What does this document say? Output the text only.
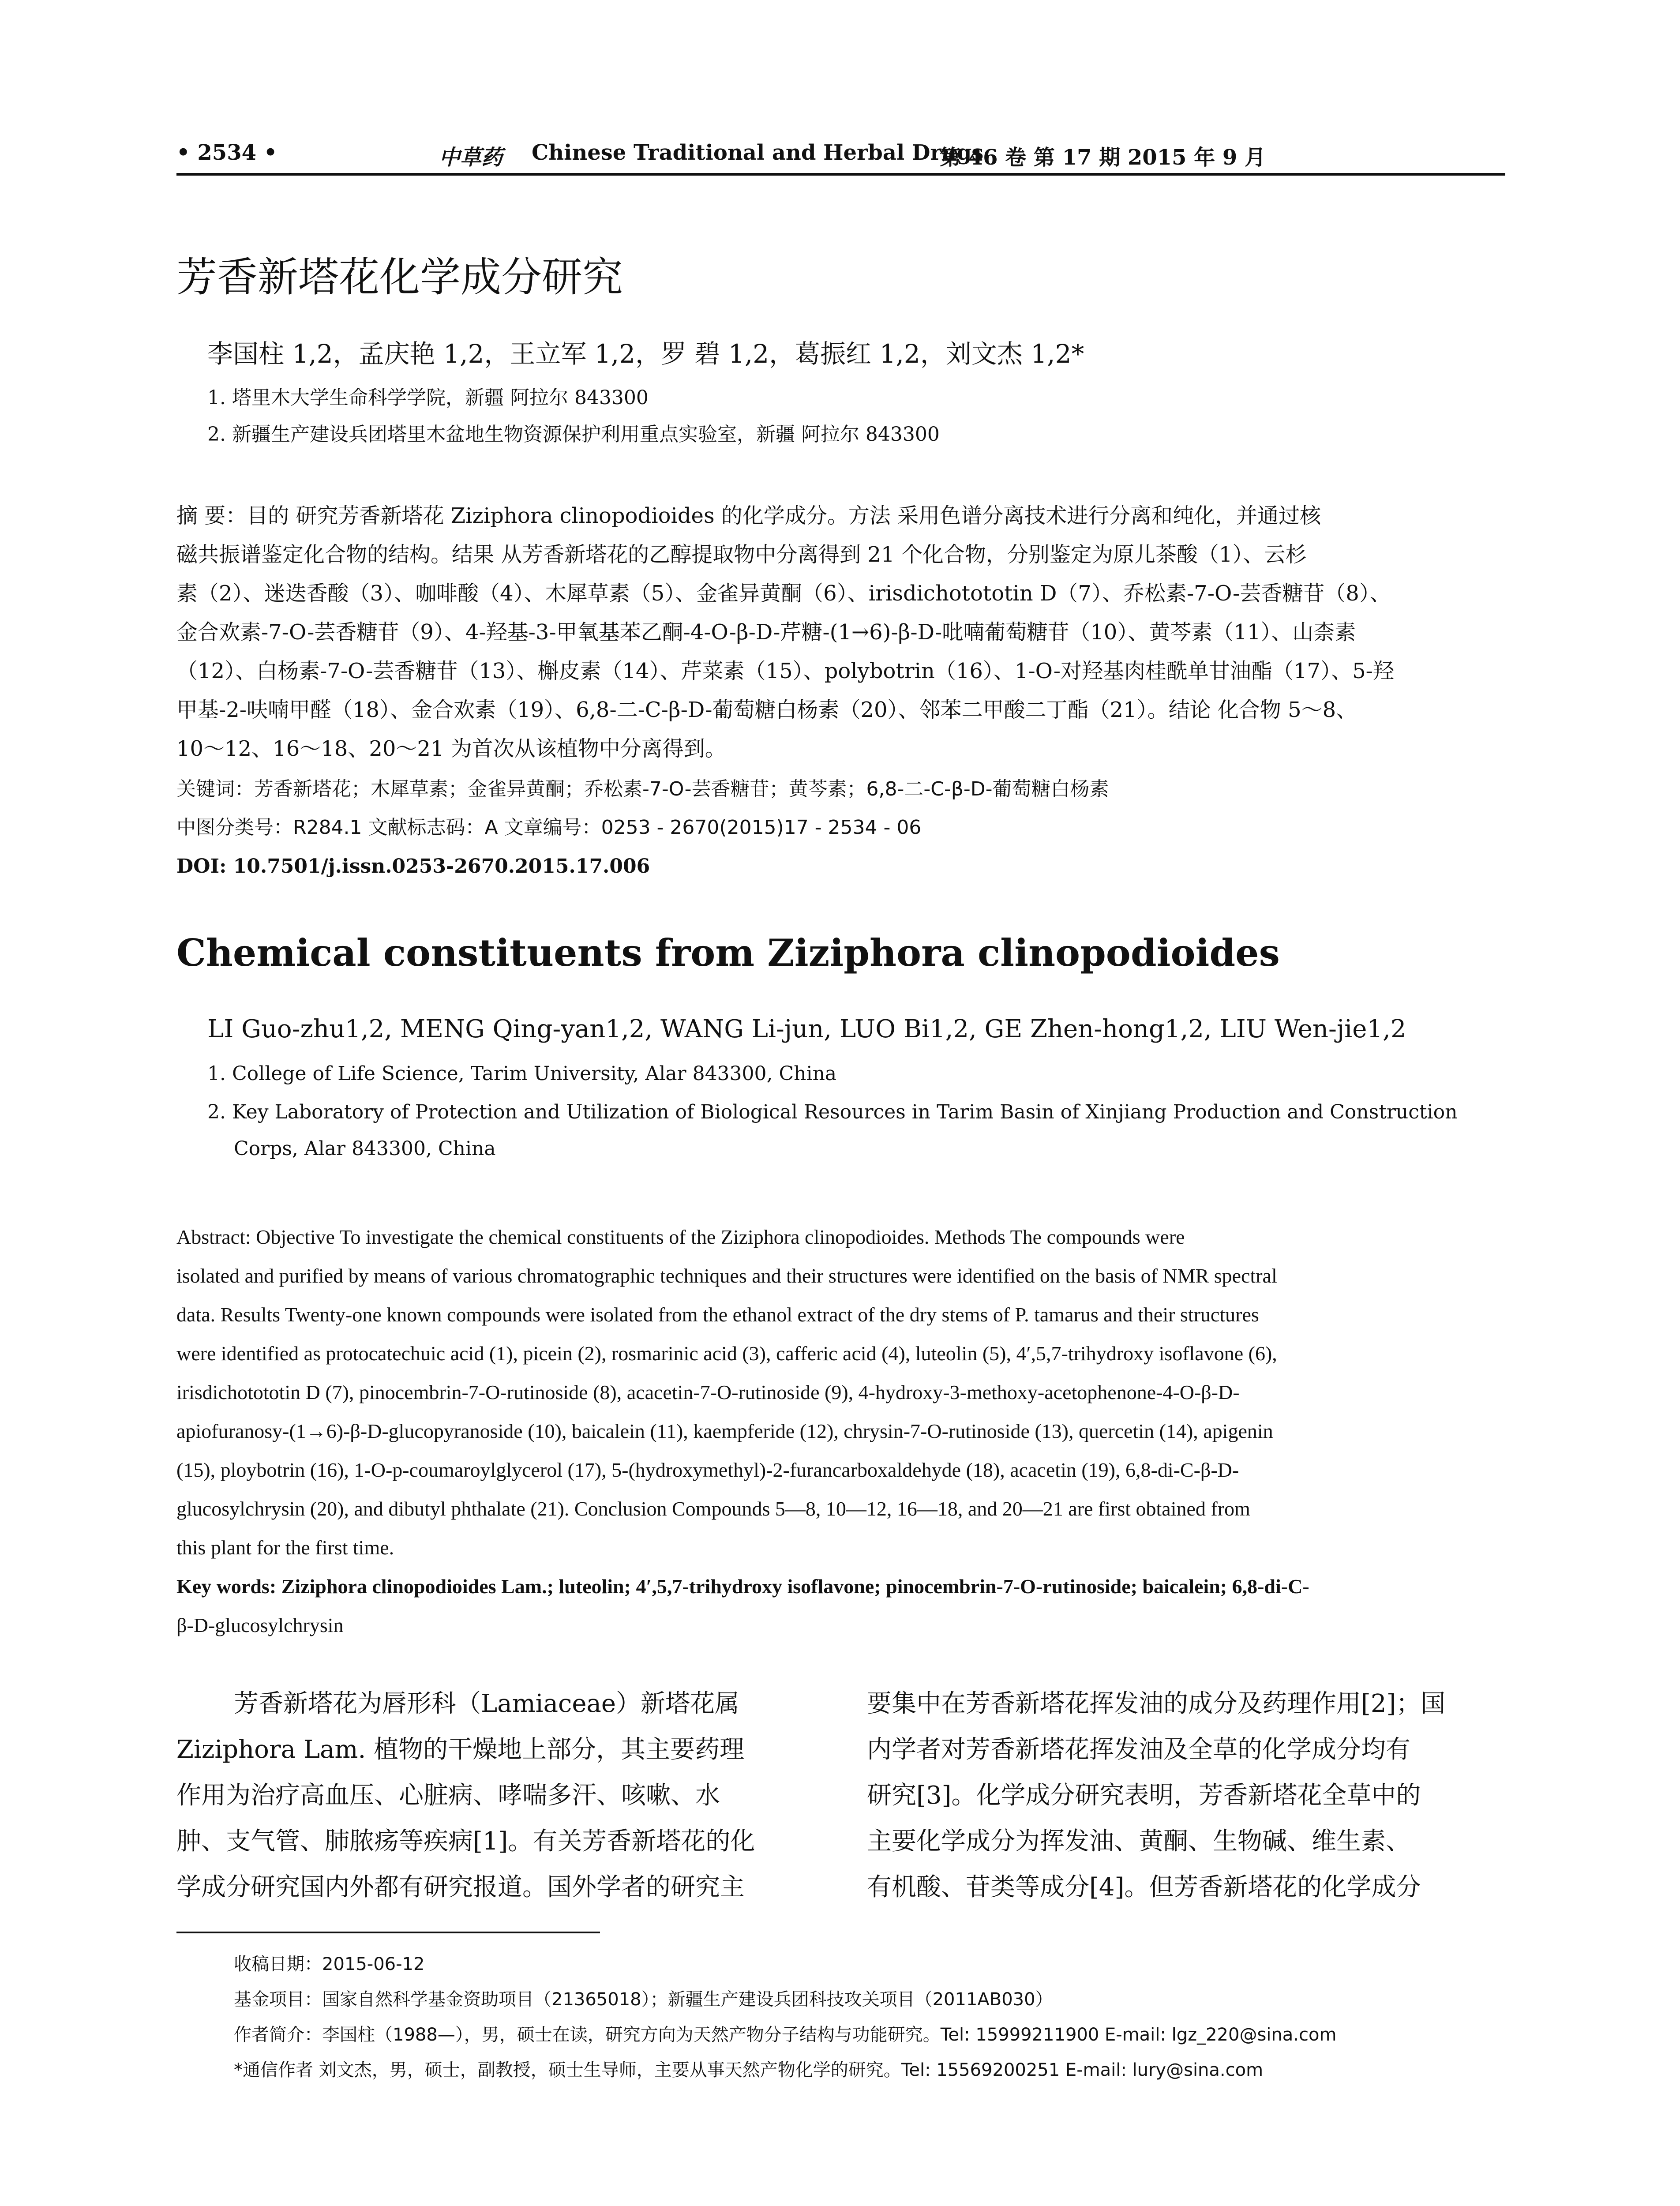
• 2534 •	中草药 Chinese Traditional and Herbal Drugs
第 46 卷 第 17 期 2015 年 9 月
芳香新塔花化学成分研究
李国柱 1,2，孟庆艳 1,2，王立军 1,2，罗 碧 1,2，葛振红 1,2，刘文杰 1,2*
1. 塔里木大学生命科学学院，新疆 阿拉尔 843300
2. 新疆生产建设兵团塔里木盆地生物资源保护利用重点实验室，新疆 阿拉尔 843300
摘 要：目的 研究芳香新塔花 Ziziphora clinopodioides 的化学成分。方法 采用色谱分离技术进行分离和纯化，并通过核
磁共振谱鉴定化合物的结构。结果 从芳香新塔花的乙醇提取物中分离得到 21 个化合物，分别鉴定为原儿茶酸（1）、云杉
素（2）、迷迭香酸（3）、咖啡酸（4）、木犀草素（5）、金雀异黄酮（6）、irisdichotototin D（7）、乔松素-7-O-芸香糖苷（8）、
金合欢素-7-O-芸香糖苷（9）、4-羟基-3-甲氧基苯乙酮-4-O-β-D-芹糖-(1→6)-β-D-吡喃葡萄糖苷（10）、黄芩素（11）、山柰素
（12）、白杨素-7-O-芸香糖苷（13）、槲皮素（14）、芹菜素（15）、polybotrin（16）、1-O-对羟基肉桂酰单甘油酯（17）、5-羟
甲基-2-呋喃甲醛（18）、金合欢素（19）、6,8-二-C-β-D-葡萄糖白杨素（20）、邻苯二甲酸二丁酯（21）。结论 化合物 5～8、
10～12、16～18、20～21 为首次从该植物中分离得到。
关键词：芳香新塔花；木犀草素；金雀异黄酮；乔松素-7-O-芸香糖苷；黄芩素；6,8-二-C-β-D-葡萄糖白杨素
中图分类号：R284.1 文献标志码：A 文章编号：0253 - 2670(2015)17 - 2534 - 06
DOI: 10.7501/j.issn.0253-2670.2015.17.006
Chemical constituents from Ziziphora clinopodioides
LI Guo-zhu1,2, MENG Qing-yan1,2, WANG Li-jun, LUO Bi1,2, GE Zhen-hong1,2, LIU Wen-jie1,2
1. College of Life Science, Tarim University, Alar 843300, China
2. Key Laboratory of Protection and Utilization of Biological Resources in Tarim Basin of Xinjiang Production and Construction
Corps, Alar 843300, China
Abstract: Objective To investigate the chemical constituents of the Ziziphora clinopodioides. Methods The compounds were
isolated and purified by means of various chromatographic techniques and their structures were identified on the basis of NMR spectral
data. Results Twenty-one known compounds were isolated from the ethanol extract of the dry stems of P. tamarus and their structures
were identified as protocatechuic acid (1), picein (2), rosmarinic acid (3), cafferic acid (4), luteolin (5), 4′,5,7-trihydroxy isoflavone (6),
irisdichotototin D (7), pinocembrin-7-O-rutinoside (8), acacetin-7-O-rutinoside (9), 4-hydroxy-3-methoxy-acetophenone-4-O-β-D-
apiofuranosy-(1→6)-β-D-glucopyranoside (10), baicalein (11), kaempferide (12), chrysin-7-O-rutinoside (13), quercetin (14), apigenin
(15), ploybotrin (16), 1-O-p-coumaroylglycerol (17), 5-(hydroxymethyl)-2-furancarboxaldehyde (18), acacetin (19), 6,8-di-C-β-D-
glucosylchrysin (20), and dibutyl phthalate (21). Conclusion Compounds 5—8, 10—12, 16—18, and 20—21 are first obtained from
this plant for the first time.
Key words: Ziziphora clinopodioides Lam.; luteolin; 4′,5,7-trihydroxy isoflavone; pinocembrin-7-O-rutinoside; baicalein; 6,8-di-C-
β-D-glucosylchrysin
芳香新塔花为唇形科（Lamiaceae）新塔花属
Ziziphora Lam. 植物的干燥地上部分，其主要药理
作用为治疗高血压、心脏病、哮喘多汗、咳嗽、水
肿、支气管、肺脓疡等疾病[1]。有关芳香新塔花的化
学成分研究国内外都有研究报道。国外学者的研究主
要集中在芳香新塔花挥发油的成分及药理作用[2]；国
内学者对芳香新塔花挥发油及全草的化学成分均有
研究[3]。化学成分研究表明，芳香新塔花全草中的
主要化学成分为挥发油、黄酮、生物碱、维生素、
有机酸、苷类等成分[4]。但芳香新塔花的化学成分
收稿日期：2015-06-12
基金项目：国家自然科学基金资助项目（21365018）；新疆生产建设兵团科技攻关项目（2011AB030）
作者简介：李国柱（1988—），男，硕士在读，研究方向为天然产物分子结构与功能研究。Tel: 15999211900 E-mail: lgz_220@sina.com
*通信作者 刘文杰，男，硕士，副教授，硕士生导师，主要从事天然产物化学的研究。Tel: 15569200251 E-mail: lury@sina.com
